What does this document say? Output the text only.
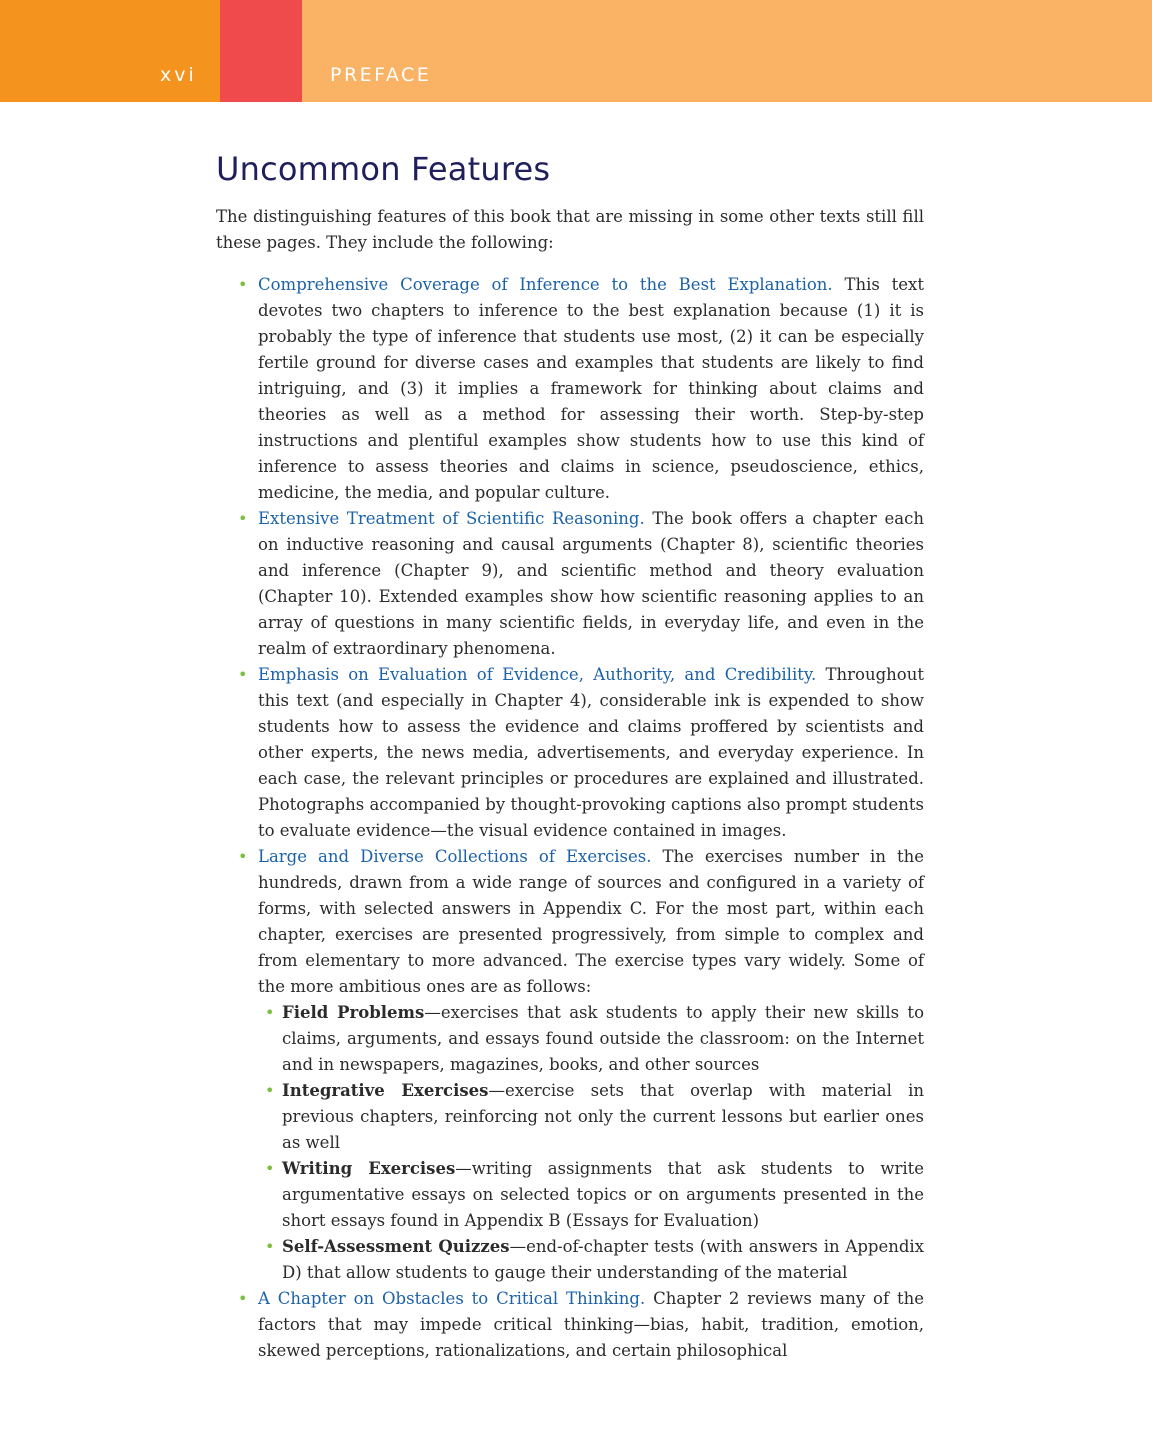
xvi	PREFACE
Uncommon Features

The distinguishing features of this book that are missing in some other texts still fill these pages. They include the following:

• Comprehensive Coverage of Inference to the Best Explanation. This text devotes two chapters to inference to the best explanation because (1) it is probably the type of inference that students use most, (2) it can be especially fertile ground for diverse cases and examples that students are likely to find intriguing, and (3) it implies a framework for thinking about claims and theories as well as a method for assessing their worth. Step-by-step instructions and plentiful examples show students how to use this kind of inference to assess theories and claims in science, pseudoscience, ethics, medicine, the media, and popular culture.
• Extensive Treatment of Scientific Reasoning. The book offers a chapter each on inductive reasoning and causal arguments (Chapter 8), scientific theories and inference (Chapter 9), and scientific method and theory evaluation (Chapter 10). Extended examples show how scientific reasoning applies to an array of questions in many scientific fields, in everyday life, and even in the realm of extraordinary phenomena.
• Emphasis on Evaluation of Evidence, Authority, and Credibility. Throughout this text (and especially in Chapter 4), considerable ink is expended to show students how to assess the evidence and claims proffered by scientists and other experts, the news media, advertisements, and everyday experience. In each case, the relevant principles or procedures are explained and illustrated. Photographs accompanied by thought-provoking captions also prompt students to evaluate evidence—the visual evidence contained in images.
• Large and Diverse Collections of Exercises. The exercises number in the hundreds, drawn from a wide range of sources and configured in a variety of forms, with selected answers in Appendix C. For the most part, within each chapter, exercises are presented progressively, from simple to complex and from elementary to more advanced. The exercise types vary widely. Some of the more ambitious ones are as follows:
• Field Problems—exercises that ask students to apply their new skills to claims, arguments, and essays found outside the classroom: on the Internet and in newspapers, magazines, books, and other sources
• Integrative Exercises—exercise sets that overlap with material in previous chapters, reinforcing not only the current lessons but earlier ones as well
• Writing Exercises—writing assignments that ask students to write argumentative essays on selected topics or on arguments presented in the short essays found in Appendix B (Essays for Evaluation)
• Self-Assessment Quizzes—end-of-chapter tests (with answers in Appendix D) that allow students to gauge their understanding of the material
• A Chapter on Obstacles to Critical Thinking. Chapter 2 reviews many of the factors that may impede critical thinking—bias, habit, tradition, emotion, skewed perceptions, rationalizations, and certain philosophical
